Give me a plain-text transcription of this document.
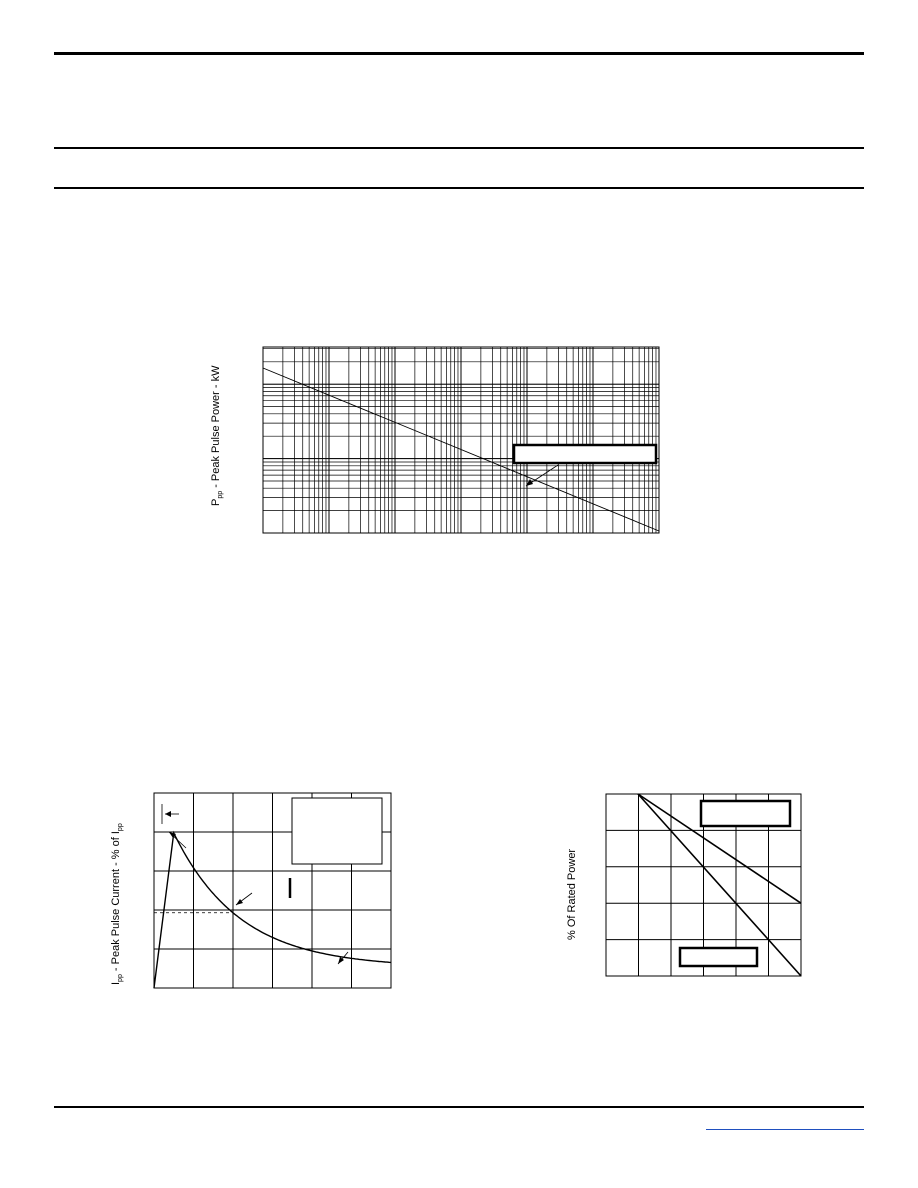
$P_{pp}$ - Peak Pulse Power - kW
$I_{pp}$ - Peak Pulse Current - % of $I_{pp}$
% Of Rated Power
